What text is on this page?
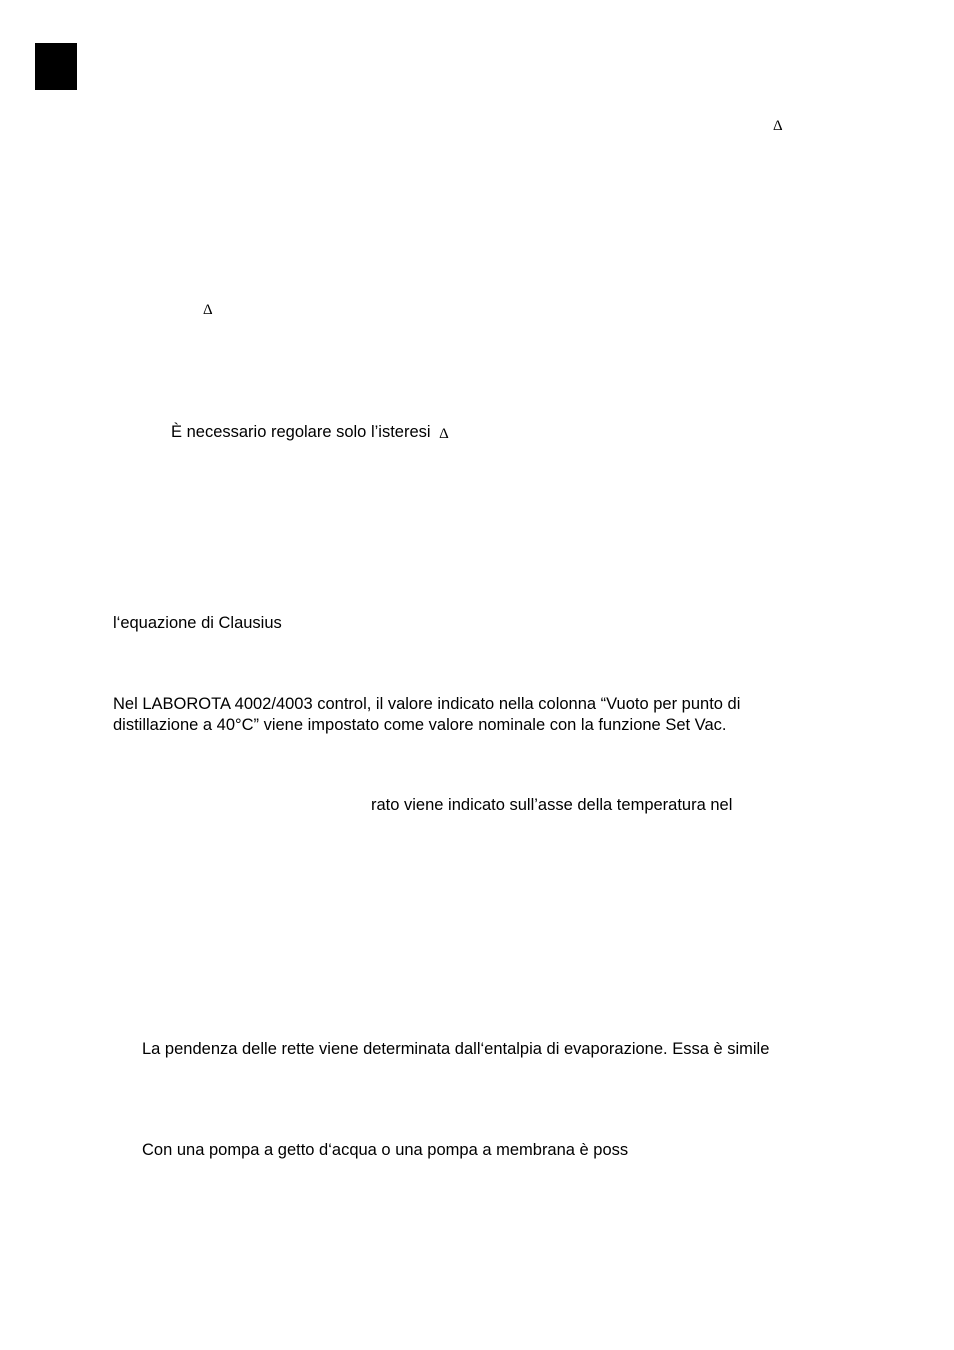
Δ
Δ
È necessario regolare solo l’isteresi Δ
l‘equazione di Clausius
Nel LABOROTA 4002/4003 control, il valore indicato nella colonna “Vuoto per punto di
distillazione a 40°C” viene impostato come valore nominale con la funzione Set Vac.
rato viene indicato sull’asse della temperatura nel
La pendenza delle rette viene determinata dall‘entalpia di evaporazione. Essa è simile
Con una pompa a getto d‘acqua o una pompa a membrana è poss
